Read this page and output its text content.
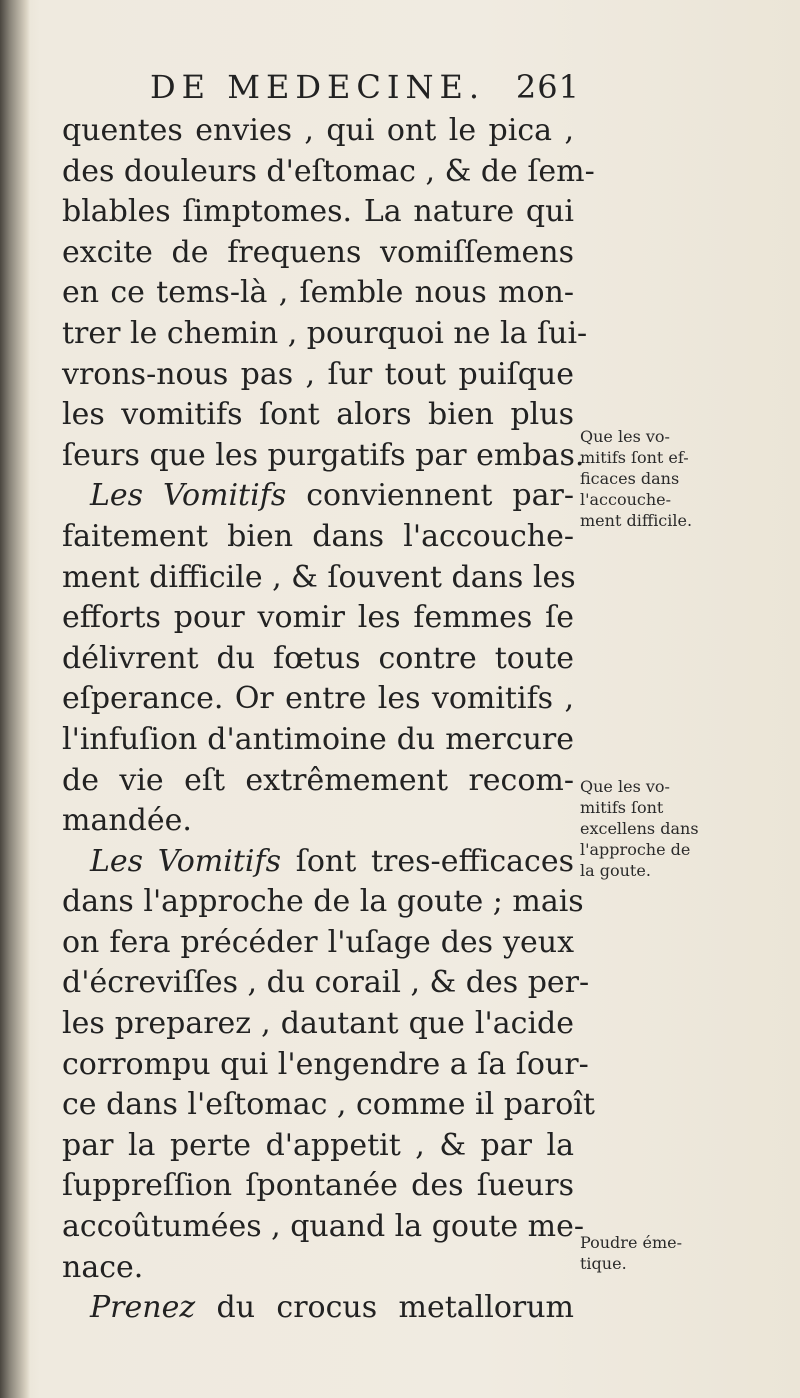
DE MEDECINE. 261
quentes envies , qui ont le pica ,
des douleurs d'eſtomac , & de ſem-
blables ſimptomes. La nature qui
excite de frequens vomiſſemens
en ce tems-là , ſemble nous mon-
trer le chemin , pourquoi ne la ſui-
vrons-nous pas , ſur tout puiſque
les vomitifs ſont alors bien plus
ſeurs que les purgatifs par embas.
Les Vomitifs conviennent par-
faitement bien dans l'accouche-
ment difficile , & ſouvent dans les
efforts pour vomir les femmes ſe
délivrent du fœtus contre toute
eſperance. Or entre les vomitifs ,
l'infuſion d'antimoine du mercure
de vie eſt extrêmement recom-
mandée.
Les Vomitifs ſont tres-efficaces
dans l'approche de la goute ; mais
on fera précéder l'uſage des yeux
d'écreviſſes , du corail , & des per-
les preparez , dautant que l'acide
corrompu qui l'engendre a ſa ſour-
ce dans l'eſtomac , comme il paroît
par la perte d'appetit , & par la
ſuppreſſion ſpontanée des ſueurs
accoûtumées , quand la goute me-
nace.
Prenez du crocus metallorum
Que les vo-
mitifs ſont ef-
ficaces dans
l'accouche-
ment difficile.
Que les vo-
mitifs ſont
excellens dans
l'approche de
la goute.
Poudre éme-
tique.
